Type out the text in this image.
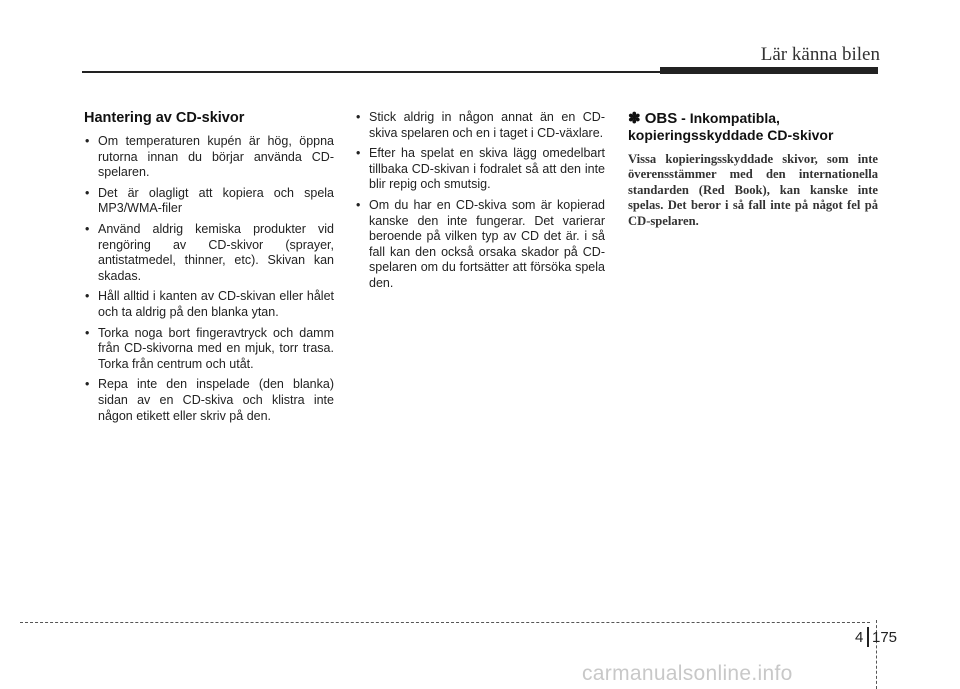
Lär känna bilen
Hantering av CD-skivor
• Om temperaturen kupén är hög, öppna rutorna innan du börjar använda CD-spelaren.
• Det är olagligt att kopiera och spela MP3/WMA-filer
• Använd aldrig kemiska produkter vid rengöring av CD-skivor (sprayer, antistatmedel, thinner, etc). Skivan kan skadas.
• Håll alltid i kanten av CD-skivan eller hålet och ta aldrig på den blanka ytan.
• Torka noga bort fingeravtryck och damm från CD-skivorna med en mjuk, torr trasa. Torka från centrum och utåt.
• Repa inte den inspelade (den blanka) sidan av en CD-skiva och klistra inte någon etikett eller skriv på den.
• Stick aldrig in någon annat än en CD-skiva spelaren och en i taget i CD-växlare.
• Efter ha spelat en skiva lägg omedelbart tillbaka CD-skivan i fodralet så att den inte blir repig och smutsig.
• Om du har en CD-skiva som är kopierad kanske den inte fungerar. Det varierar beroende på vilken typ av CD det är. i så fall kan den också orsaka skador på CD-spelaren om du fortsätter att försöka spela den.
✽ OBS - Inkompatibla, kopieringsskyddade CD-skivor

Vissa kopieringsskyddade skivor, som inte överensstämmer med den internationella standarden (Red Book), kan kanske inte spelas. Det beror i så fall inte på något fel på CD-spelaren.

4 175
carmanualsonline.info
